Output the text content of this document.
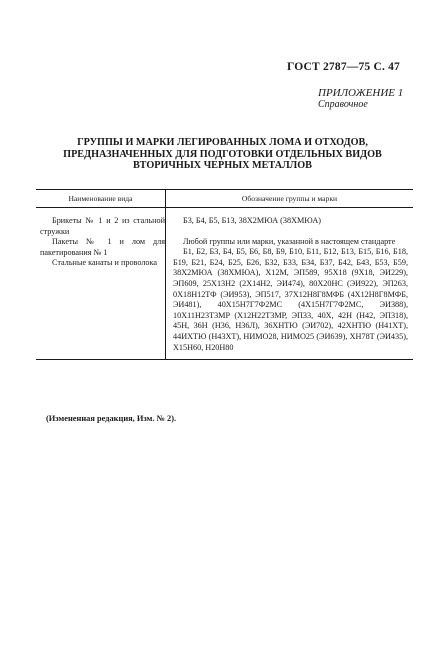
ГОСТ 2787—75 С. 47
ПРИЛОЖЕНИЕ 1
Справочное
ГРУППЫ И МАРКИ ЛЕГИРОВАННЫХ ЛОМА И ОТХОДОВ,
ПРЕДНАЗНАЧЕННЫХ ДЛЯ ПОДГОТОВКИ ОТДЕЛЬНЫХ ВИДОВ
ВТОРИЧНЫХ ЧЕРНЫХ МЕТАЛЛОВ
Наименование вида	Обозначение группы и марки
Брикеты № 1 и 2 из стальной стружки
Пакеты № 1 и лом для пакетирования № 1
Стальные канаты и проволока
Б3, Б4, Б5, Б13, 38Х2МЮА (38ХМЮА)
Любой группы или марки, указанной в настоящем стандарте
Б1, Б2, Б3, Б4, Б5, Б6, Б8, Б9, Б10, Б11, Б12, Б13, Б15, Б16, Б18, Б19, Б21, Б24, Б25, Б26, Б32, Б33, Б34, Б37, Б42, Б43, Б53, Б59, 38Х2МЮА (38ХМЮА), Х12М, ЭП589, 95Х18 (9Х18, ЭИ229), ЭП609, 25Х13Н2 (2Х14Н2, ЭИ474), 80Х20НС (ЭИ922), ЭП263, 0Х18Н12ТФ (ЭИ953), ЭП517, 37Х12Н8Г8МФБ (4Х12Н8Г8МФБ, ЭИ481), 40Х15Н7Г7Ф2МС (4Х15Н7Г7Ф2МС, ЭИ388), 10Х11Н23Т3МР (Х12Н22Т3МР, ЭП33, 40Х, 42Н (Н42, ЭП318), 45Н, 36Н (Н36, Н36Л), 36ХНТЮ (ЭИ702), 42ХНТЮ (Н41ХТ), 44ИХТЮ (Н43ХТ), НИМО28, НИМО25 (ЭИ639), ХН78Т (ЭИ435), Х15Н60, Н20Н80
(Измененная редакция, Изм. № 2).
